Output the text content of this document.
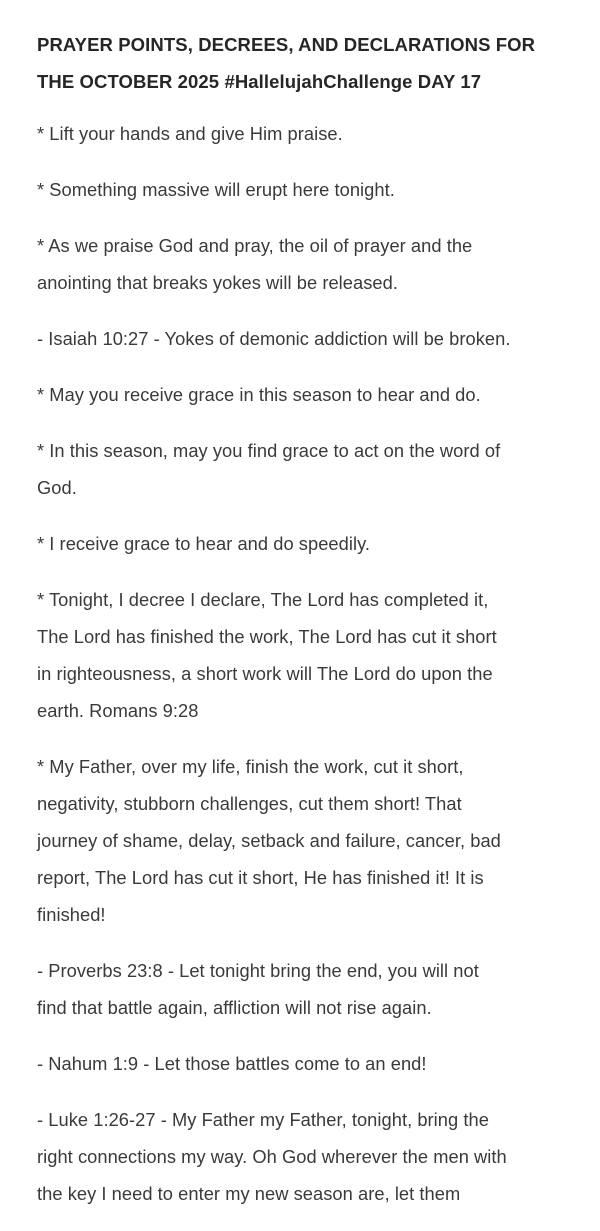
PRAYER POINTS, DECREES, AND DECLARATIONS FOR
THE OCTOBER 2025 #HallelujahChallenge DAY 17

* Lift your hands and give Him praise.

* Something massive will erupt here tonight.

* As we praise God and pray, the oil of prayer and the
anointing that breaks yokes will be released.

- Isaiah 10:27 - Yokes of demonic addiction will be broken.

* May you receive grace in this season to hear and do.

* In this season, may you find grace to act on the word of
God.

* I receive grace to hear and do speedily.

* Tonight, I decree I declare, The Lord has completed it,
The Lord has finished the work, The Lord has cut it short
in righteousness, a short work will The Lord do upon the
earth. Romans 9:28

* My Father, over my life, finish the work, cut it short,
negativity, stubborn challenges, cut them short! That
journey of shame, delay, setback and failure, cancer, bad
report, The Lord has cut it short, He has finished it! It is
finished!

- Proverbs 23:8 - Let tonight bring the end, you will not
find that battle again, affliction will not rise again.

- Nahum 1:9 - Let those battles come to an end!

- Luke 1:26-27 - My Father my Father, tonight, bring the
right connections my way. Oh God wherever the men with
the key I need to enter my new season are, let them
